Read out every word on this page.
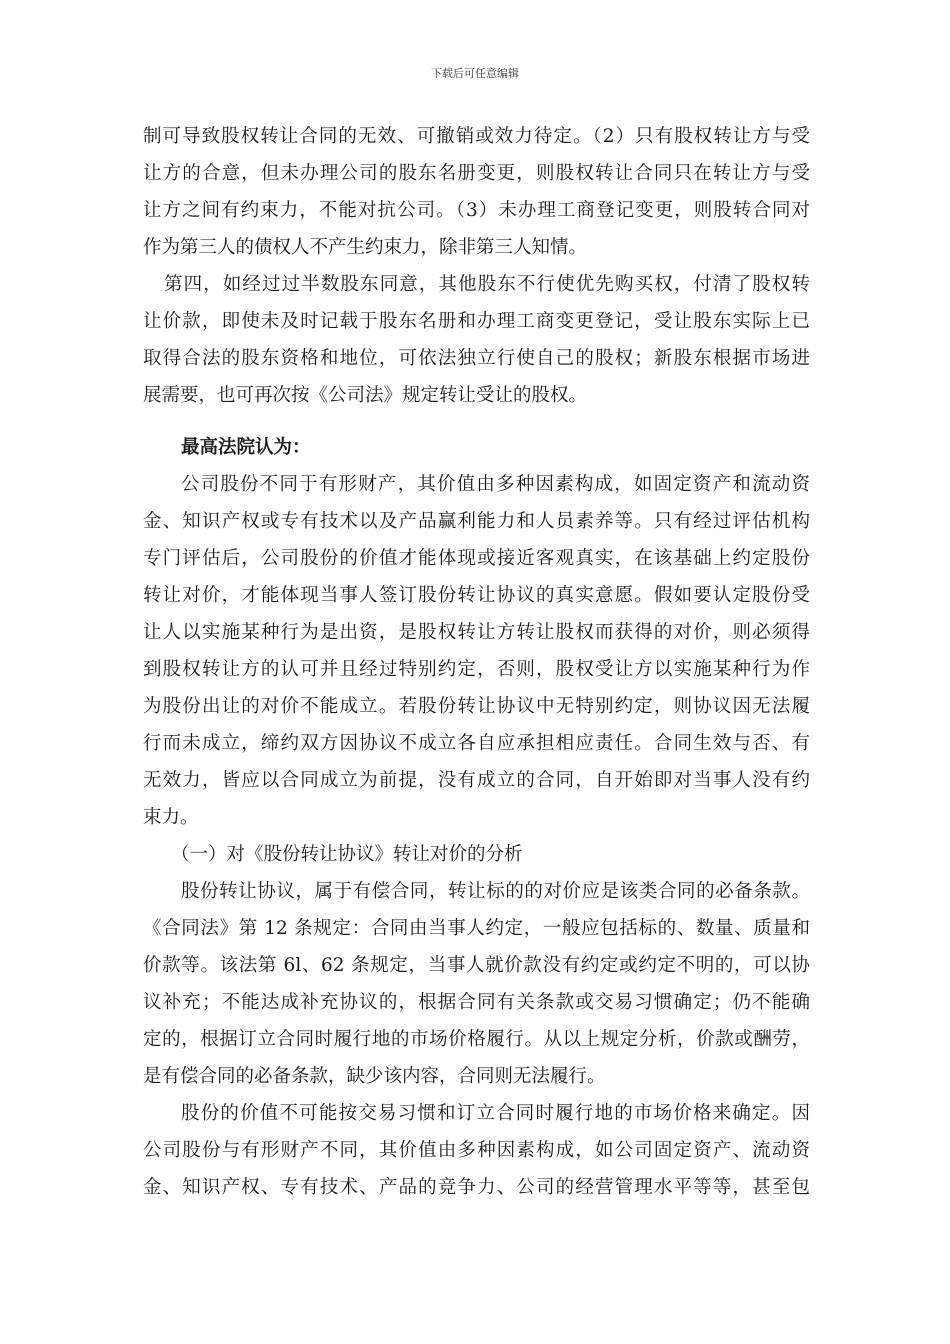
下载后可任意编辑
制可导致股权转让合同的无效、可撤销或效力待定。（2）只有股权转让方与受
让方的合意，但未办理公司的股东名册变更，则股权转让合同只在转让方与受
让方之间有约束力，不能对抗公司。（3）未办理工商登记变更，则股转合同对
作为第三人的债权人不产生约束力，除非第三人知情。
第四，如经过过半数股东同意，其他股东不行使优先购买权，付清了股权转
让价款，即使未及时记载于股东名册和办理工商变更登记，受让股东实际上已
取得合法的股东资格和地位，可依法独立行使自己的股权；新股东根据市场进
展需要，也可再次按《公司法》规定转让受让的股权。
最高法院认为：
公司股份不同于有形财产，其价值由多种因素构成，如固定资产和流动资
金、知识产权或专有技术以及产品赢利能力和人员素养等。只有经过评估机构
专门评估后，公司股份的价值才能体现或接近客观真实，在该基础上约定股份
转让对价，才能体现当事人签订股份转让协议的真实意愿。假如要认定股份受
让人以实施某种行为是出资，是股权转让方转让股权而获得的对价，则必须得
到股权转让方的认可并且经过特别约定，否则，股权受让方以实施某种行为作
为股份出让的对价不能成立。若股份转让协议中无特别约定，则协议因无法履
行而未成立，缔约双方因协议不成立各自应承担相应责任。合同生效与否、有
无效力，皆应以合同成立为前提，没有成立的合同，自开始即对当事人没有约
束力。
（一）对《股份转让协议》转让对价的分析
股份转让协议，属于有偿合同，转让标的的对价应是该类合同的必备条款。
《合同法》第 12 条规定：合同由当事人约定，一般应包括标的、数量、质量和
价款等。该法第 6l、62 条规定，当事人就价款没有约定或约定不明的，可以协
议补充；不能达成补充协议的，根据合同有关条款或交易习惯确定；仍不能确
定的，根据订立合同时履行地的市场价格履行。从以上规定分析，价款或酬劳，
是有偿合同的必备条款，缺少该内容，合同则无法履行。
股份的价值不可能按交易习惯和订立合同时履行地的市场价格来确定。因
公司股份与有形财产不同，其价值由多种因素构成，如公司固定资产、流动资
金、知识产权、专有技术、产品的竞争力、公司的经营管理水平等等，甚至包
